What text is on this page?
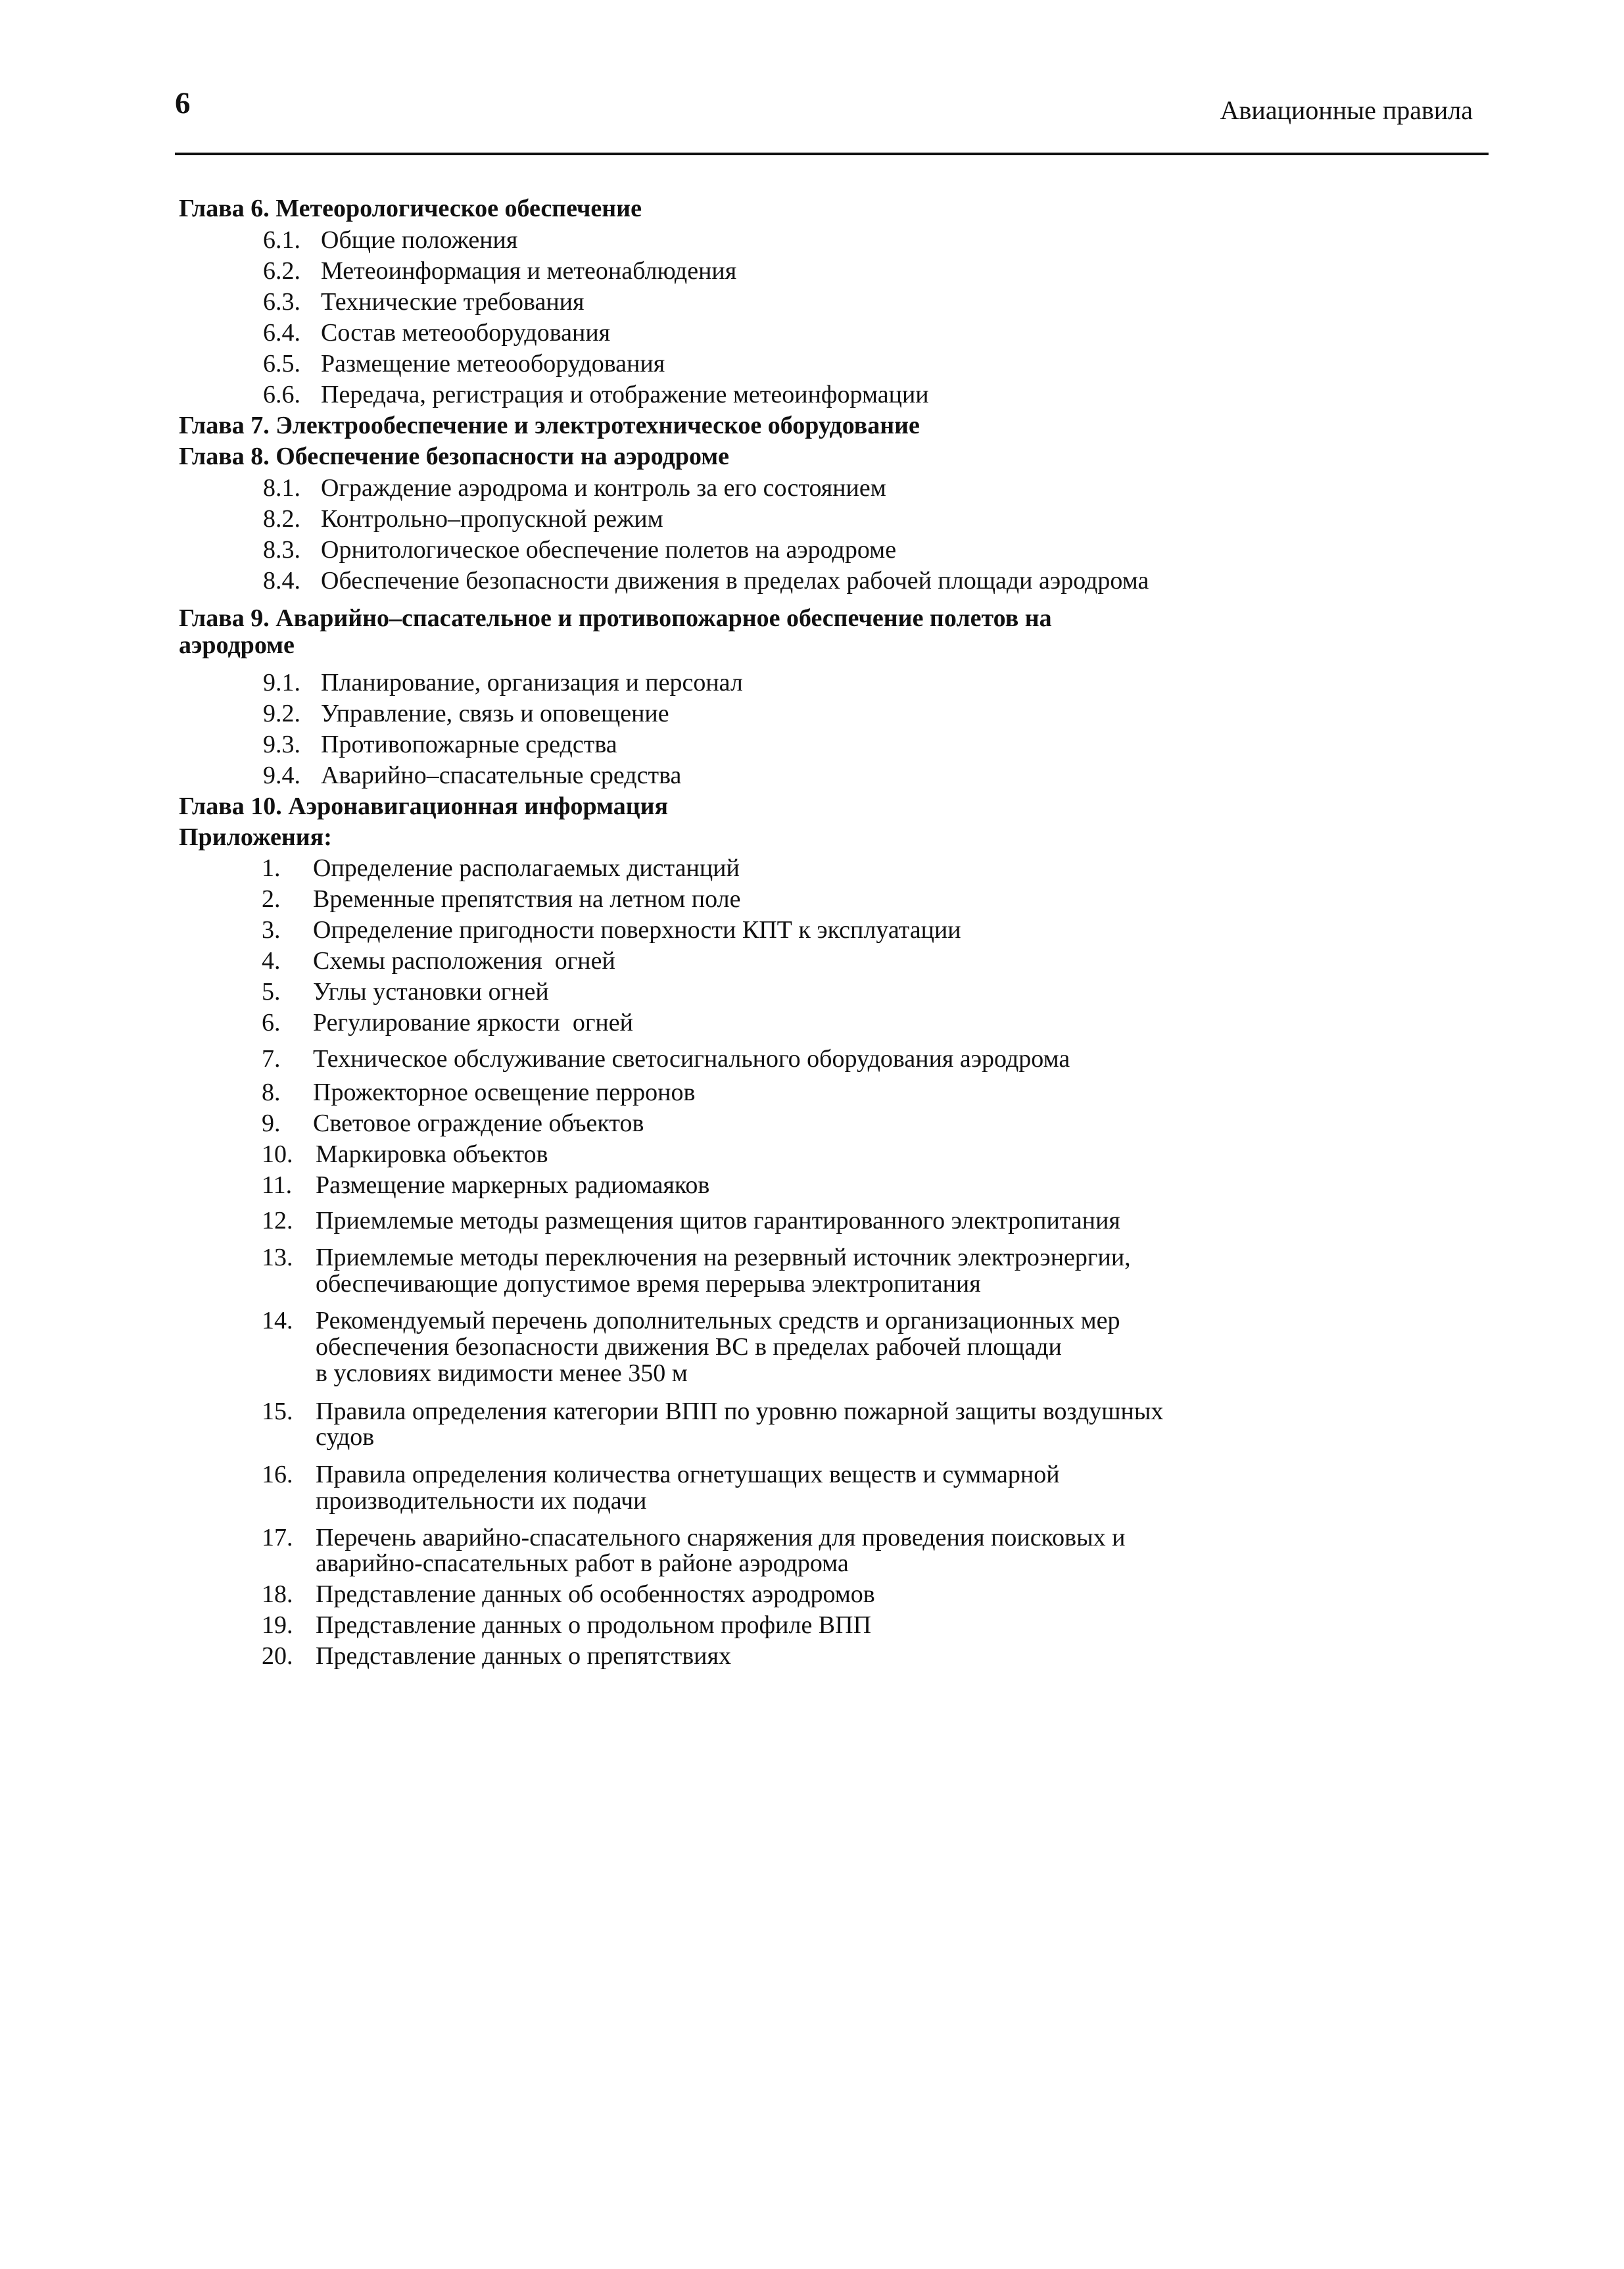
6	Авиационные правила
Глава 6. Метеорологическое обеспечение
6.1. Общие положения
6.2. Метеоинформация и метеонаблюдения
6.3. Технические требования
6.4. Состав метеооборудования
6.5. Размещение метеооборудования
6.6. Передача, регистрация и отображение метеоинформации
Глава 7. Электрообеспечение и электротехническое оборудование
Глава 8. Обеспечение безопасности на аэродроме
8.1. Ограждение аэродрома и контроль за его состоянием
8.2. Контрольно–пропускной режим
8.3. Орнитологическое обеспечение полетов на аэродроме
8.4. Обеспечение безопасности движения в пределах рабочей площади аэродрома
Глава 9. Аварийно–спасательное и противопожарное обеспечение полетов на
аэродроме
9.1. Планирование, организация и персонал
9.2. Управление, связь и оповещение
9.3. Противопожарные средства
9.4. Аварийно–спасательные средства
Глава 10. Аэронавигационная информация
Приложения:
1. Определение располагаемых дистанций
2. Временные препятствия на летном поле
3. Определение пригодности поверхности КПТ к эксплуатации
4. Схемы расположения  огней
5. Углы установки огней
6. Регулирование яркости  огней
7. Техническое обслуживание светосигнального оборудования аэродрома
8. Прожекторное освещение перронов
9. Световое ограждение объектов
10. Маркировка объектов
11. Размещение маркерных радиомаяков
12. Приемлемые методы размещения щитов гарантированного электропитания
13. Приемлемые методы переключения на резервный источник электроэнергии,
обеспечивающие допустимое время перерыва электропитания
14. Рекомендуемый перечень дополнительных средств и организационных мер
обеспечения безопасности движения ВС в пределах рабочей площади
в условиях видимости менее 350 м
15. Правила определения категории ВПП по уровню пожарной защиты воздушных
судов
16. Правила определения количества огнетушащих веществ и суммарной
производительности их подачи
17. Перечень аварийно-спасательного снаряжения для проведения поисковых и
аварийно-спасательных работ в районе аэродрома
18. Представление данных об особенностях аэродромов
19. Представление данных о продольном профиле ВПП
20. Представление данных о препятствиях
